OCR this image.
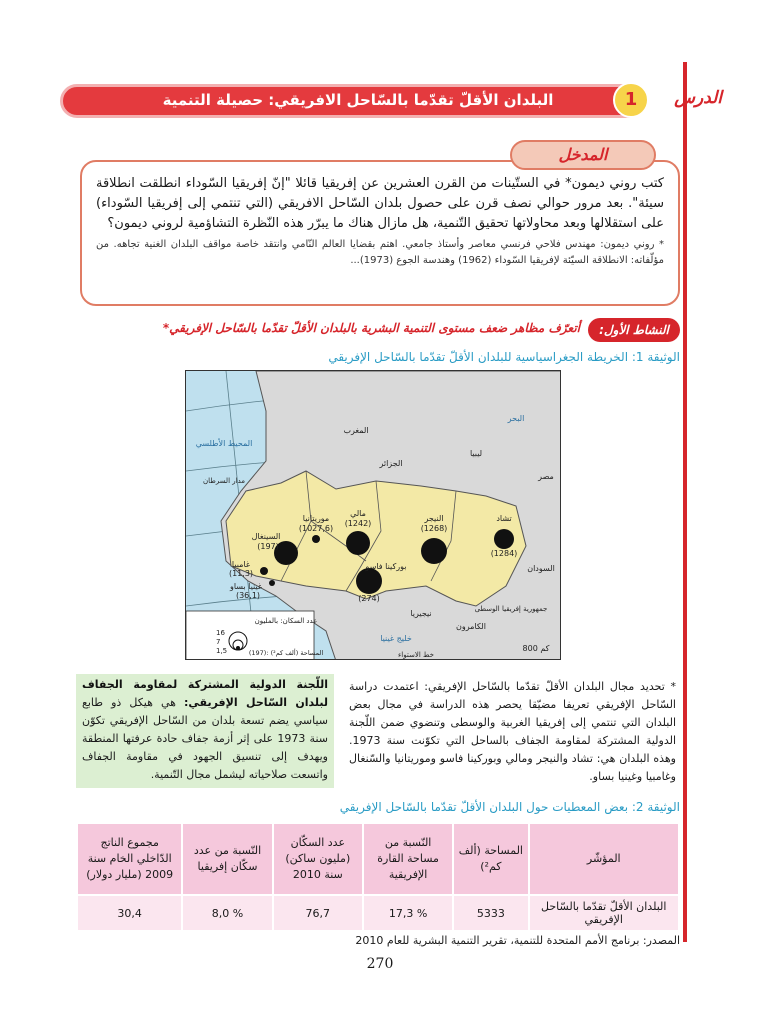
البلدان الأقلّ تقدّما بالسّاحل الافريقي: حصيلة التنمية	1	الدرس

كتب روني ديمون* في الستّينات من القرن العشرين عن إفريقيا قائلا "إنّ إفريقيا السّوداء انطلقت انطلاقة سيئة". بعد مرور حوالي نصف قرن على حصول بلدان السّاحل الافريقي (التي تنتمي إلى إفريقيا السّوداء) على استقلالها وبعد محاولاتها تحقيق التّنمية، هل مازال هناك ما يبرّر هذه النّظرة التشاؤمية لروني ديمون؟

* روني ديمون: مهندس فلاحي فرنسي معاصر وأستاذ جامعي. اهتم بقضايا العالم النّامي وانتقد خاصة مواقف البلدان الغنية تجاهه. من مؤلّفاته: الانطلاقة السيّئة لإفريقيا السّوداء (1962) وهندسة الجوع (1973)...

المدخل
النشاط الأول:
أتعرّف مظاهر ضعف مستوى التنمية البشرية بالبلدان الأقلّ تقدّما بالسّاحل الإفريقي*
الوثيقة 1: الخريطة الجغراسياسية للبلدان الأقلّ تقدّما بالسّاحل الإفريقي
المحيط الأطلسي
البحر
المغرب
الجزائر
ليبيا
مصر
السودان
نيجيريا
الكامرون
جمهورية إفريقيا الوسطى
خليج غينيا
مدار السرطان
خط الاستواء
800 كم
موريتانيا
(1027,6)
مالي
(1242)
النيجر
(1268)
تشاد
(1284)
بوركينا فاسو
(274)
السينغال
(197)
غامبيا
(11,3)
غينيا بساو
(36,1)
عدد السكان: بالمليون
16
7
1,5	(197): المساحة (ألف كم²)
* تحديد مجال البلدان الأقلّ تقدّما بالسّاحل الإفريقي: اعتمدت دراسة السّاحل الإفريقي تعريفا مضيّقا يحصر هذه الدراسة في مجال بعض البلدان التي تنتمي إلى إفريقيا الغربية والوسطى وتنضوي ضمن اللّجنة الدولية المشتركة لمقاومة الجفاف بالساحل التي تكوّنت سنة 1973. وهذه البلدان هي: تشاد والنيجر ومالي وبوركينا فاسو وموريتانيا والسّنغال وغامبيا وغينيا بساو.
اللّجنة الدولية المشتركة لمقاومة الجفاف لبلدان السّاحل الإفريقي: هي هيكل ذو طابع سياسي يضم تسعة بلدان من السّاحل الإفريقي تكوّن سنة 1973 على إثر أزمة جفاف حادة عرفتها المنطقة ويهدف إلى تنسيق الجهود في مقاومة الجفاف واتسعت صلاحياته ليشمل مجال التّنمية.
الوثيقة 2: بعض المعطيات حول البلدان الأقلّ تقدّما بالسّاحل الإفريقي
المؤشّر	المساحة (ألف كم²)	النّسبة من مساحة القارة الإفريقية	عدد السكّان (مليون ساكن) سنة 2010	النّسبة من عدد سكّان إفريقيا	مجموع الناتج الدّاخلي الخام سنة 2009 (مليار دولار)
البلدان الأقلّ تقدّما بالسّاحل الإفريقي	5333	% 17,3	76,7	% 8,0	30,4
المصدر: برنامج الأمم المتحدة للتنمية، تقرير التنمية البشرية للعام 2010
270
